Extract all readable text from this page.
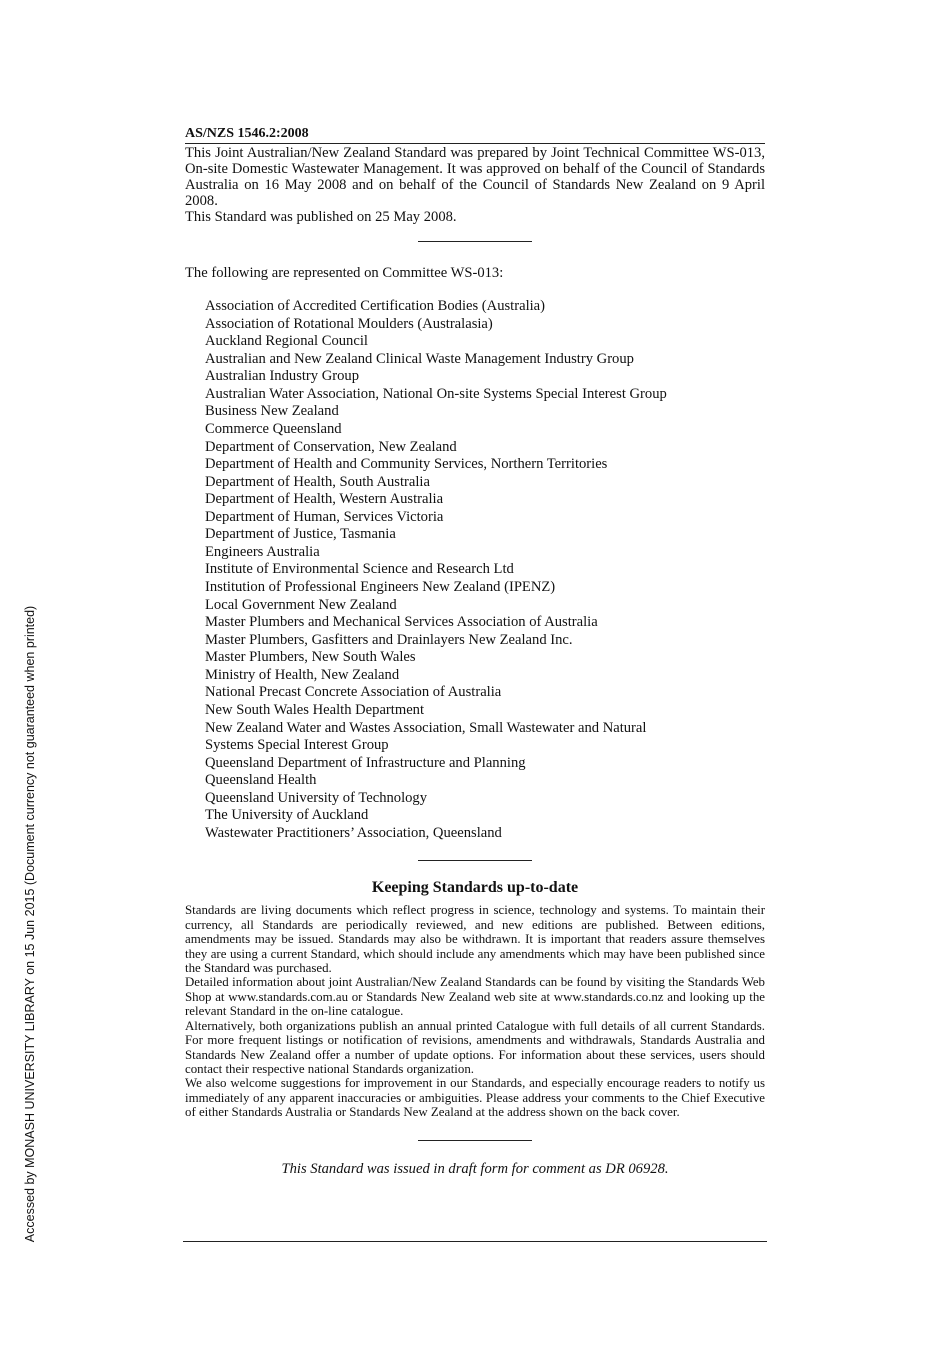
Accessed by MONASH UNIVERSITY LIBRARY on 15 Jun 2015 (Document currency not guaranteed when printed)
AS/NZS 1546.2:2008

This Joint Australian/New Zealand Standard was prepared by Joint Technical Committee WS-013, On-site Domestic Wastewater Management. It was approved on behalf of the Council of Standards Australia on 16 May 2008 and on behalf of the Council of Standards New Zealand on 9 April 2008.

This Standard was published on 25 May 2008.

The following are represented on Committee WS-013:
Association of Accredited Certification Bodies (Australia)
Association of Rotational Moulders (Australasia)
Auckland Regional Council
Australian and New Zealand Clinical Waste Management Industry Group
Australian Industry Group
Australian Water Association, National On-site Systems Special Interest Group
Business New Zealand
Commerce Queensland
Department of Conservation, New Zealand
Department of Health and Community Services, Northern Territories
Department of Health, South Australia
Department of Health, Western Australia
Department of Human, Services Victoria
Department of Justice, Tasmania
Engineers Australia
Institute of Environmental Science and Research Ltd
Institution of Professional Engineers New Zealand (IPENZ)
Local Government New Zealand
Master Plumbers and Mechanical Services Association of Australia
Master Plumbers, Gasfitters and Drainlayers New Zealand Inc.
Master Plumbers, New South Wales
Ministry of Health, New Zealand
National Precast Concrete Association of Australia
New South Wales Health Department
New Zealand Water and Wastes Association, Small Wastewater and Natural
Systems Special Interest Group
Queensland Department of Infrastructure and Planning
Queensland Health
Queensland University of Technology
The University of Auckland
Wastewater Practitioners’ Association, Queensland
Keeping Standards up-to-date

Standards are living documents which reflect progress in science, technology and systems. To maintain their currency, all Standards are periodically reviewed, and new editions are published. Between editions, amendments may be issued. Standards may also be withdrawn. It is important that readers assure themselves they are using a current Standard, which should include any amendments which may have been published since the Standard was purchased.

Detailed information about joint Australian/New Zealand Standards can be found by visiting the Standards Web Shop at www.standards.com.au or Standards New Zealand web site at www.standards.co.nz and looking up the relevant Standard in the on-line catalogue.

Alternatively, both organizations publish an annual printed Catalogue with full details of all current Standards. For more frequent listings or notification of revisions, amendments and withdrawals, Standards Australia and Standards New Zealand offer a number of update options. For information about these services, users should contact their respective national Standards organization.

We also welcome suggestions for improvement in our Standards, and especially encourage readers to notify us immediately of any apparent inaccuracies or ambiguities. Please address your comments to the Chief Executive of either Standards Australia or Standards New Zealand at the address shown on the back cover.

This Standard was issued in draft form for comment as DR 06928.
